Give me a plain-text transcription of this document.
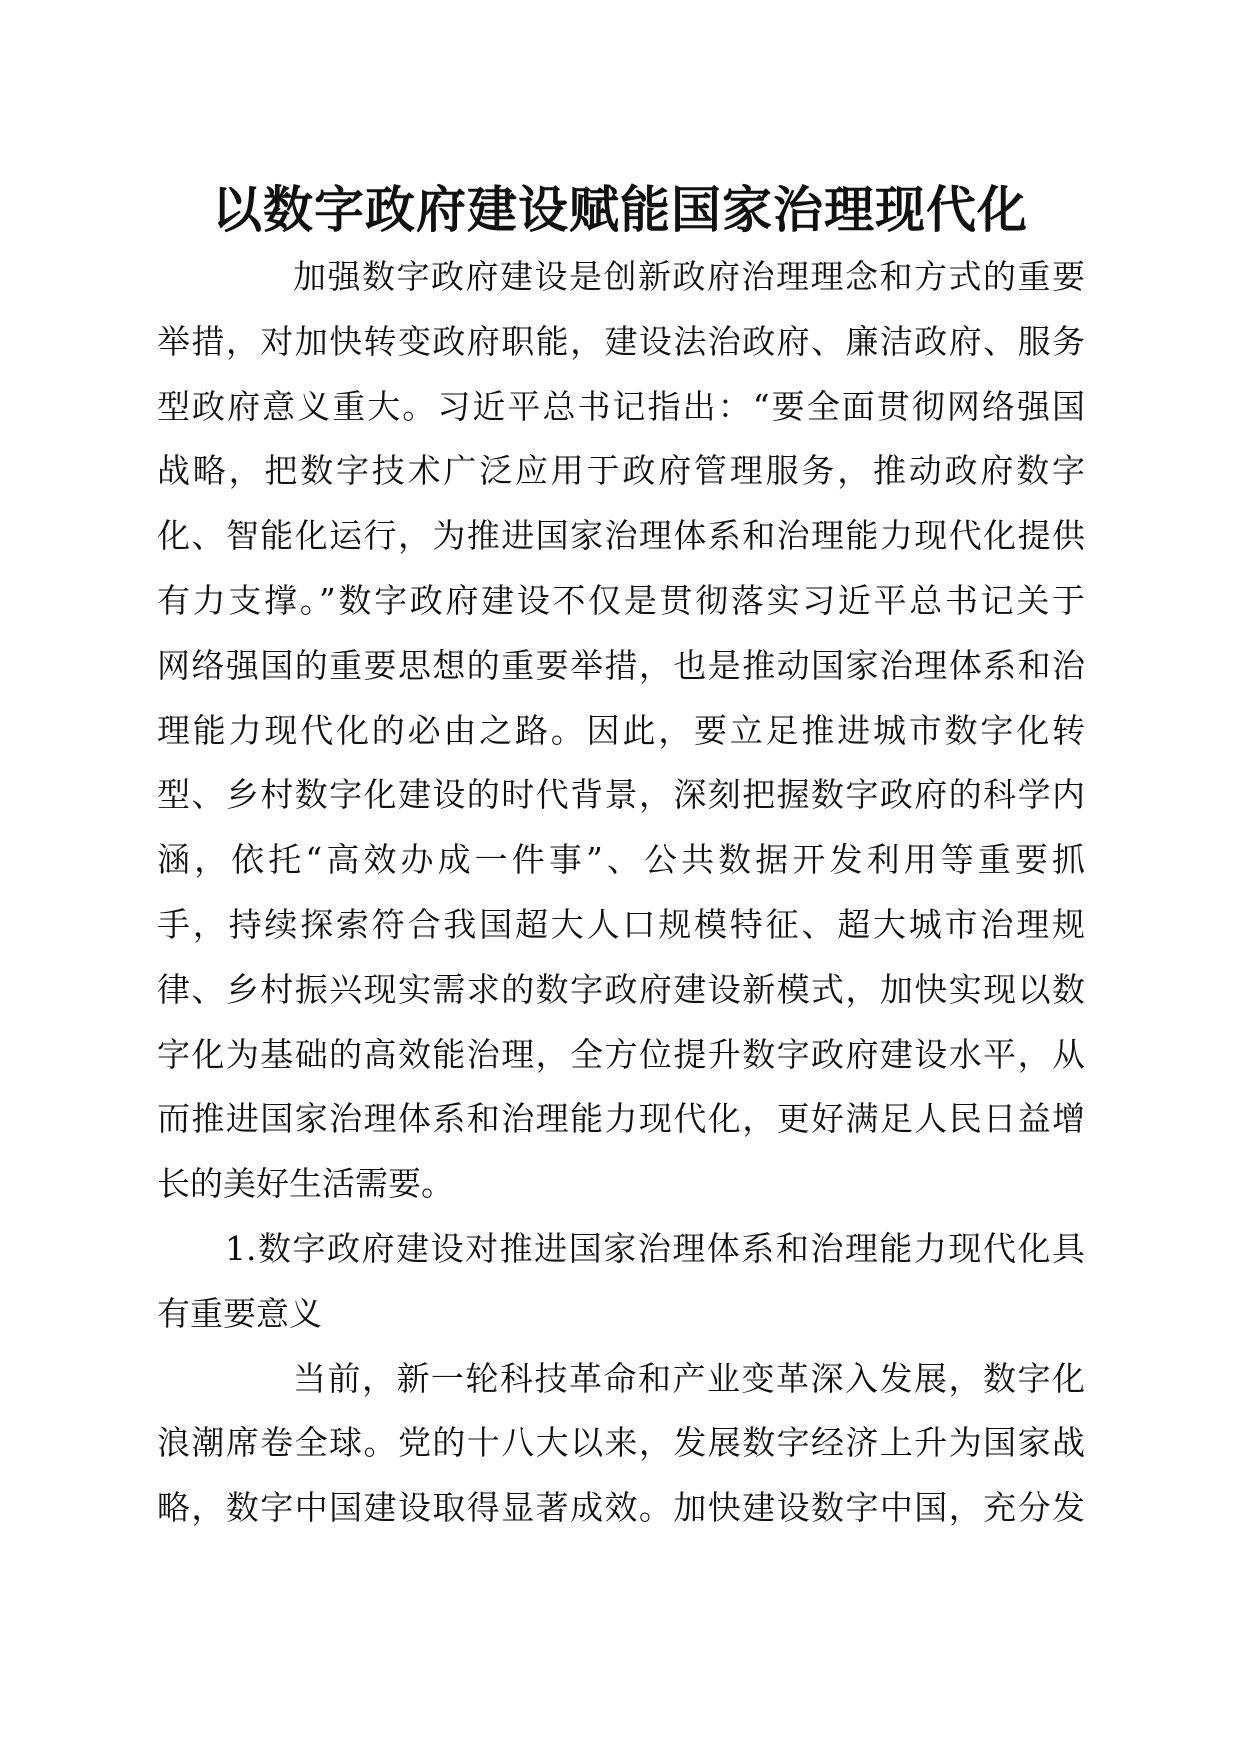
以数字政府建设赋能国家治理现代化
加强数字政府建设是创新政府治理理念和方式的重要
举措，对加快转变政府职能，建设法治政府、廉洁政府、服务
型政府意义重大。习近平总书记指出：“要全面贯彻网络强国
战略，把数字技术广泛应用于政府管理服务，推动政府数字
化、智能化运行，为推进国家治理体系和治理能力现代化提供
有力支撑。”数字政府建设不仅是贯彻落实习近平总书记关于
网络强国的重要思想的重要举措，也是推动国家治理体系和治
理能力现代化的必由之路。因此，要立足推进城市数字化转
型、乡村数字化建设的时代背景，深刻把握数字政府的科学内
涵，依托“高效办成一件事”、公共数据开发利用等重要抓
手，持续探索符合我国超大人口规模特征、超大城市治理规
律、乡村振兴现实需求的数字政府建设新模式，加快实现以数
字化为基础的高效能治理，全方位提升数字政府建设水平，从
而推进国家治理体系和治理能力现代化，更好满足人民日益增
长的美好生活需要。
1.数字政府建设对推进国家治理体系和治理能力现代化具
有重要意义
当前，新一轮科技革命和产业变革深入发展，数字化
浪潮席卷全球。党的十八大以来，发展数字经济上升为国家战
略，数字中国建设取得显著成效。加快建设数字中国，充分发
